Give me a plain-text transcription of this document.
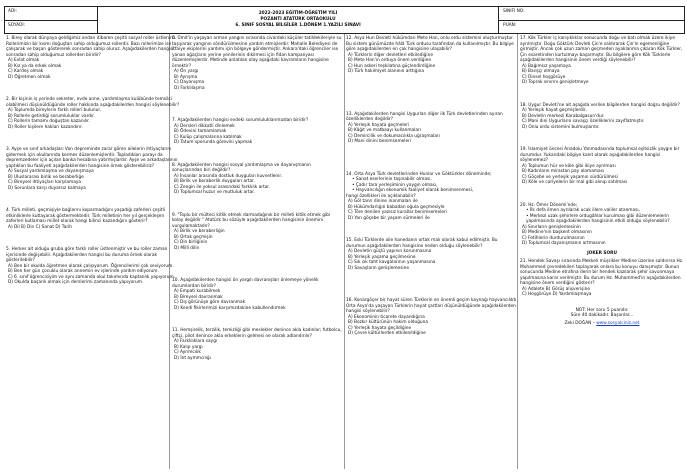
ADI:
SOYADI:
2022-2023 EĞİTİM-ÖĞRETİM YILI
POZANTI ATATÜRK ORTAOKULU
6. SINIF SOSYAL BİLGİLER 1.DÖNEM 1.YAZILI SINAVI
SINIFI NO:
PUAN:

1. Birey olarak dünyaya geldiğimiz andan itibaren çeşitli sosyal roller üstleniriz. Rollerimizin bir kısmı doğuştan sahip olduğumuz rollerdir. Bazı rollerimize ise çalışarak ve başarı göstererek sonradan sahip oluruz. Aşağıdakilerden hangisi sonradan sahip olduğumuz rollerden biridir?

A) Evlat olmak

B) Kız ya da erkek olmak

C) Kardeş olmak

D) Öğretmen olmak

2. Bir kişinin iş yerinde sekreter, evde anne, yardımlaşma kulübünde temsilci olabilmesi düşünüldüğünde roller hakkında aşağıdakilerden hangisi söylenebilir?

A) Toplumda bireylerin farklı rolleri bulunur.

B) Rollerle getirdiği sorumluluklar vardır.

C) Rollerin tamamı doğuştan kazanılır.

D) Roller kişilere hakları kazandırır.

3. Ayşe ve sınıf arkadaşları Van depreminde zarar gören ailelerin ihtiyaçlarını gidermek için okullarında kermes düzenlemişlerdir. Topladıkları parayı da depremzedeler için açılan banka hesabına yatırmışlardır. Ayşe ve arkadaşlarının yaptıkları bu faaliyeti aşağıdakilerden hangisine örnek gösterebiliriz?

A) Sosyal yardımlaşma ve dayanışmaya

B) Uluslararası birlik ve beraberliğe

C) Bireysel ihtiyaçları karşılamaya

D) Sorunlara karşı duyarsız kalmaya

4. Türk milleti, geçmişiyle bağlarını koparmadığını yaşadığı zaferleri çeşitli etkinliklerle kutlayarak göstermektedir. Türk milletinin her yıl gerçekleşen zaferleri kutlaması millet olarak hangi bilinci kazandığını gösterir?

A) Dil B) Din C) Sanat D) Tarih

5. Herkes ait olduğu gruba göre farklı roller üstlenmiştir ve bu roller zaman içerisinde değişebilir. Aşağıdakilerden hangisi bu duruma örnek olarak gösterilebilir?

A) Ben bir okulda öğretmen olarak çalışıyorum. Öğrencilerimi çok seviyorum.

B) Ben her gün çocuklu olarak annemin ev işlerinde yardım ediyorum.

C) 6. sınıf öğrencisiyim ve aynı zamanda okul takımında kaptanlık yapıyorum.

D) Okulda başarılı olmak için derslerimi zamanında yapıyorum.

6. Ümit'in yaşayan orman yangını sırasında civardaki küçüler tatildekileriyle su taşıyarak yangının söndürülmesine yardım etmişlerdir. Mahalle Belediyesi de itfaiye ekiplerini yardımı için bölgeye göndermiştir. Ankara'daki öğrenciler ise yanan ağaçların yerine yenilerinin dikilmesi için fidan kampanyası düzenlemişlerdir. Metinde anlatılan olay aşağıdaki kavramların hangisine örnektir?

A) Ön yargı

B) Ayrışma

C) Dayanışma

D) Farklılaşma

7. Aşağıdakilerden hangisi evdeki sorumluluklarımızdan biridir?

A) Dersleri dikkatli dinlemek

B) Ödevini tamamlamak

C) Kulüp çalışmalarına katılmak

D) Tatum sporunda görevini yapmak

8. Aşağıdakilerden hangisi sosyal yardımlaşma ve dayanışmanın sonuçlarından biri değildir?

A) İnsanlar arasında dostluk duyguları kuvvetlenir.

B) Birlik ve beraberlik duyguları artar.

C) Zengin ile yoksul arasındaki farklılık artar.

D) Toplumsal huzur ve mutluluk artar.

9. "Toplu bir mülteci kitlik etmek darmadağınık bir milleti kitlik etmek gibi kolay değildir." Atatürk bu sözüyle aşağıdakilerden hangisinin önemini vurgulamaktadır?

A) Birlik ve beraberliğin

B) Ortak geçmişin

C) Din birliğinin

D) Millî dilin

10. Aşağıdakilerden hangisi ön yargılı davranışları önlemeye yönelik durumlardan biridir?

A) Empati kurabilmek

B) Bireysel davranmak

C) Dış görünüşe göre davranmak

D) Kendi fikirlerimizi karşımızdakine kabullendirmek

11. Hemşirelik, terzilik, temizliği gibi meslekler denince akla kadınlar; futbolcu, çiftçi, pilot denince akla erkeklerin gelmesi ne olarak adlandırılır?

A) Farklılıklara saygı

B) Kalıp yargı

C) Ayrımcılık

D) İnt aymmcılığı

12. Asya Hun Devleti hükümdarı Mete Han, onlu ordu sistemini oluşturmuştur. Bu sistem günümüzde hâlâ Türk ordusu tarafından da kullanılmıştır. Bu bilgiye göre aşağıdakilerden en çok hangisine ulaşabilir?

A) Türklerin diğer devletleri etkilediğine

B) Mete Han'ın orduya önem verdiğine

C) Hun askeri teşkilatına güçlendirdiğine

D) Türk hakimiyet alanının arttığına

13. Aşağıdakilerden hangisi Uygurları diğer ilk Türk devletlerinden ayıran özelliklerden değildir?

A) Yerleşik hayata geçmeleri

B) Kâğıt ve matbaayı kullanmaları

C) Demircilik ve dokumacılıkla uğraşmaları

D) Mani dinini benimsemeleri

14. Orta Asya Türk devletlerinden Hunlar ve Göktürkler döneminde;

• Sanat eserlerinin taşınabilir olması,

• Çadır tara yerleşiminin yaygın olması,

• Hayvancılığın ekonomik faaliyet olarak benimsenmesi,

hangi özellikleri ile açıklanabilir?

A) Göl tanrı dinine inanmaları ile

B) Hükümdarlığın babadan oğula geçmesiyle

C) Töre denilen yazısız kurallar benimsemeleri

D) Yarı göçebe bir yaşam sürmeleri ile

15. Eski Türklerde aile hanedanın ortak malı olarak kabul edilmiştir. Bu durumun aşağıdakilerden hangisine neden olduğu söylenebilir?

A) Devletin güçlü yapının korunmasına

B) Yerleşik yaşama geçilmesine

C) Sık sık taht kavgalarının yaşanmasına

D) Savaşların genişlemesine

16. Konargöçer bir hayat süren Türklerin en önemli geçim kaynağı hayvancılıktı. Orta Asya'da yaşayan Türklerin hayat şartları düşünüldüğünde aşağıdakilerden hangisi söylenebilir?

A) Ekonominin ticarete dayandığına

B) Bozkır kültürünün hakim olduğuna

C) Yerleşik hayata geçildiğine

D) Çevre kültürlerden etkilenildiğine

17. Kök Türkler iç karışıklıklar sonucunda doğu ve batı olmak üzere ikiye ayrılmıştır. Doğu Göktürk Devleti Çin'e saldırarak Çin'in egemenliğine girmiştir. Ancak çok uzun zaman geçmeden ayaklanma çıkaran Kök Türkler, Çin esaretinden kurtulmayı başarmıştır. Bu bilgilere göre Kök Türklerle aşağıdakilerden hangisinin önem verdiği söylenebilir?

A) Bağımsız yaşamaya

B) Barışçı olmaya

C) Dinsel hoşgörüye

D) Toprak sınırını genişletmeye

18. Uygur Devleti'ne ait aşağıda verilen bilgilerden hangisi doğru değildir?

A) Yerleşik hayat geçmişlerdir.

B) Devletin merkezi Karabalgasun'dur.

C) Mani dini Uygurların savaşçı özelliklerini zayıflatmıştır.

D) Onlu ordu sistemini bulmuşlardır.

19. İslamiyet öncesi Anadolu Yanmadasında toplumsal eşitsizlik yaygın bir durumdur. Yukarıdaki bilgiye kanıt olarak aşağıdakilerden hangisi söylenemez?

A) Toplumun hür ve köle gibi ikiye ayrılması

B) Kadınların mirastan pay alamaması

C) Göçebe ve yerleşik yaşamın sürdürülmesi

D) Köle ve cariyelerin bir mal gibi alınıp satılması

20. Hz. Ömer Dönemi'nde;

• İlk defa ilmen ayrılarak ucak illere valiler atanması,

• Merkezi uzak şehirlere ordugâhlar kurulması gibi düzenlemelerin yapılmasında aşağıdakilerden hangisinin etkili olduğu söylenebilir?

A) Sınırların genişlemesinin

B) Medine'nin başkent olmasının

C) Fetihlerin durdurulmasının

D) Toplumsal dayanışmanın artmasının

JOKER SORU

21. Hendek Savaşı sırasında Mekkeli müşrikler Medine üzerine saldırırsa Hz. Muhammed çevredekileri toplayarak onlara bu konuyu danışmıştır. Bunun sonucunda Medine etrafına derin bir hendek kazılarak şehir savunmaya yapılmasına karar verilmiştir. Bu durum Hz. Muhammed'in aşağıdakilerden hangisine önem verdiğini gösterir?

A) Adalete B) Görüş alışverişine

C) Hoşgörüye D) Yardımlaşmaya

NOT: Her soru 5 puandır.
Süre 40 dakikadır. Başarılar...
Zeki DOĞAN – www.sosyalciniz.net
